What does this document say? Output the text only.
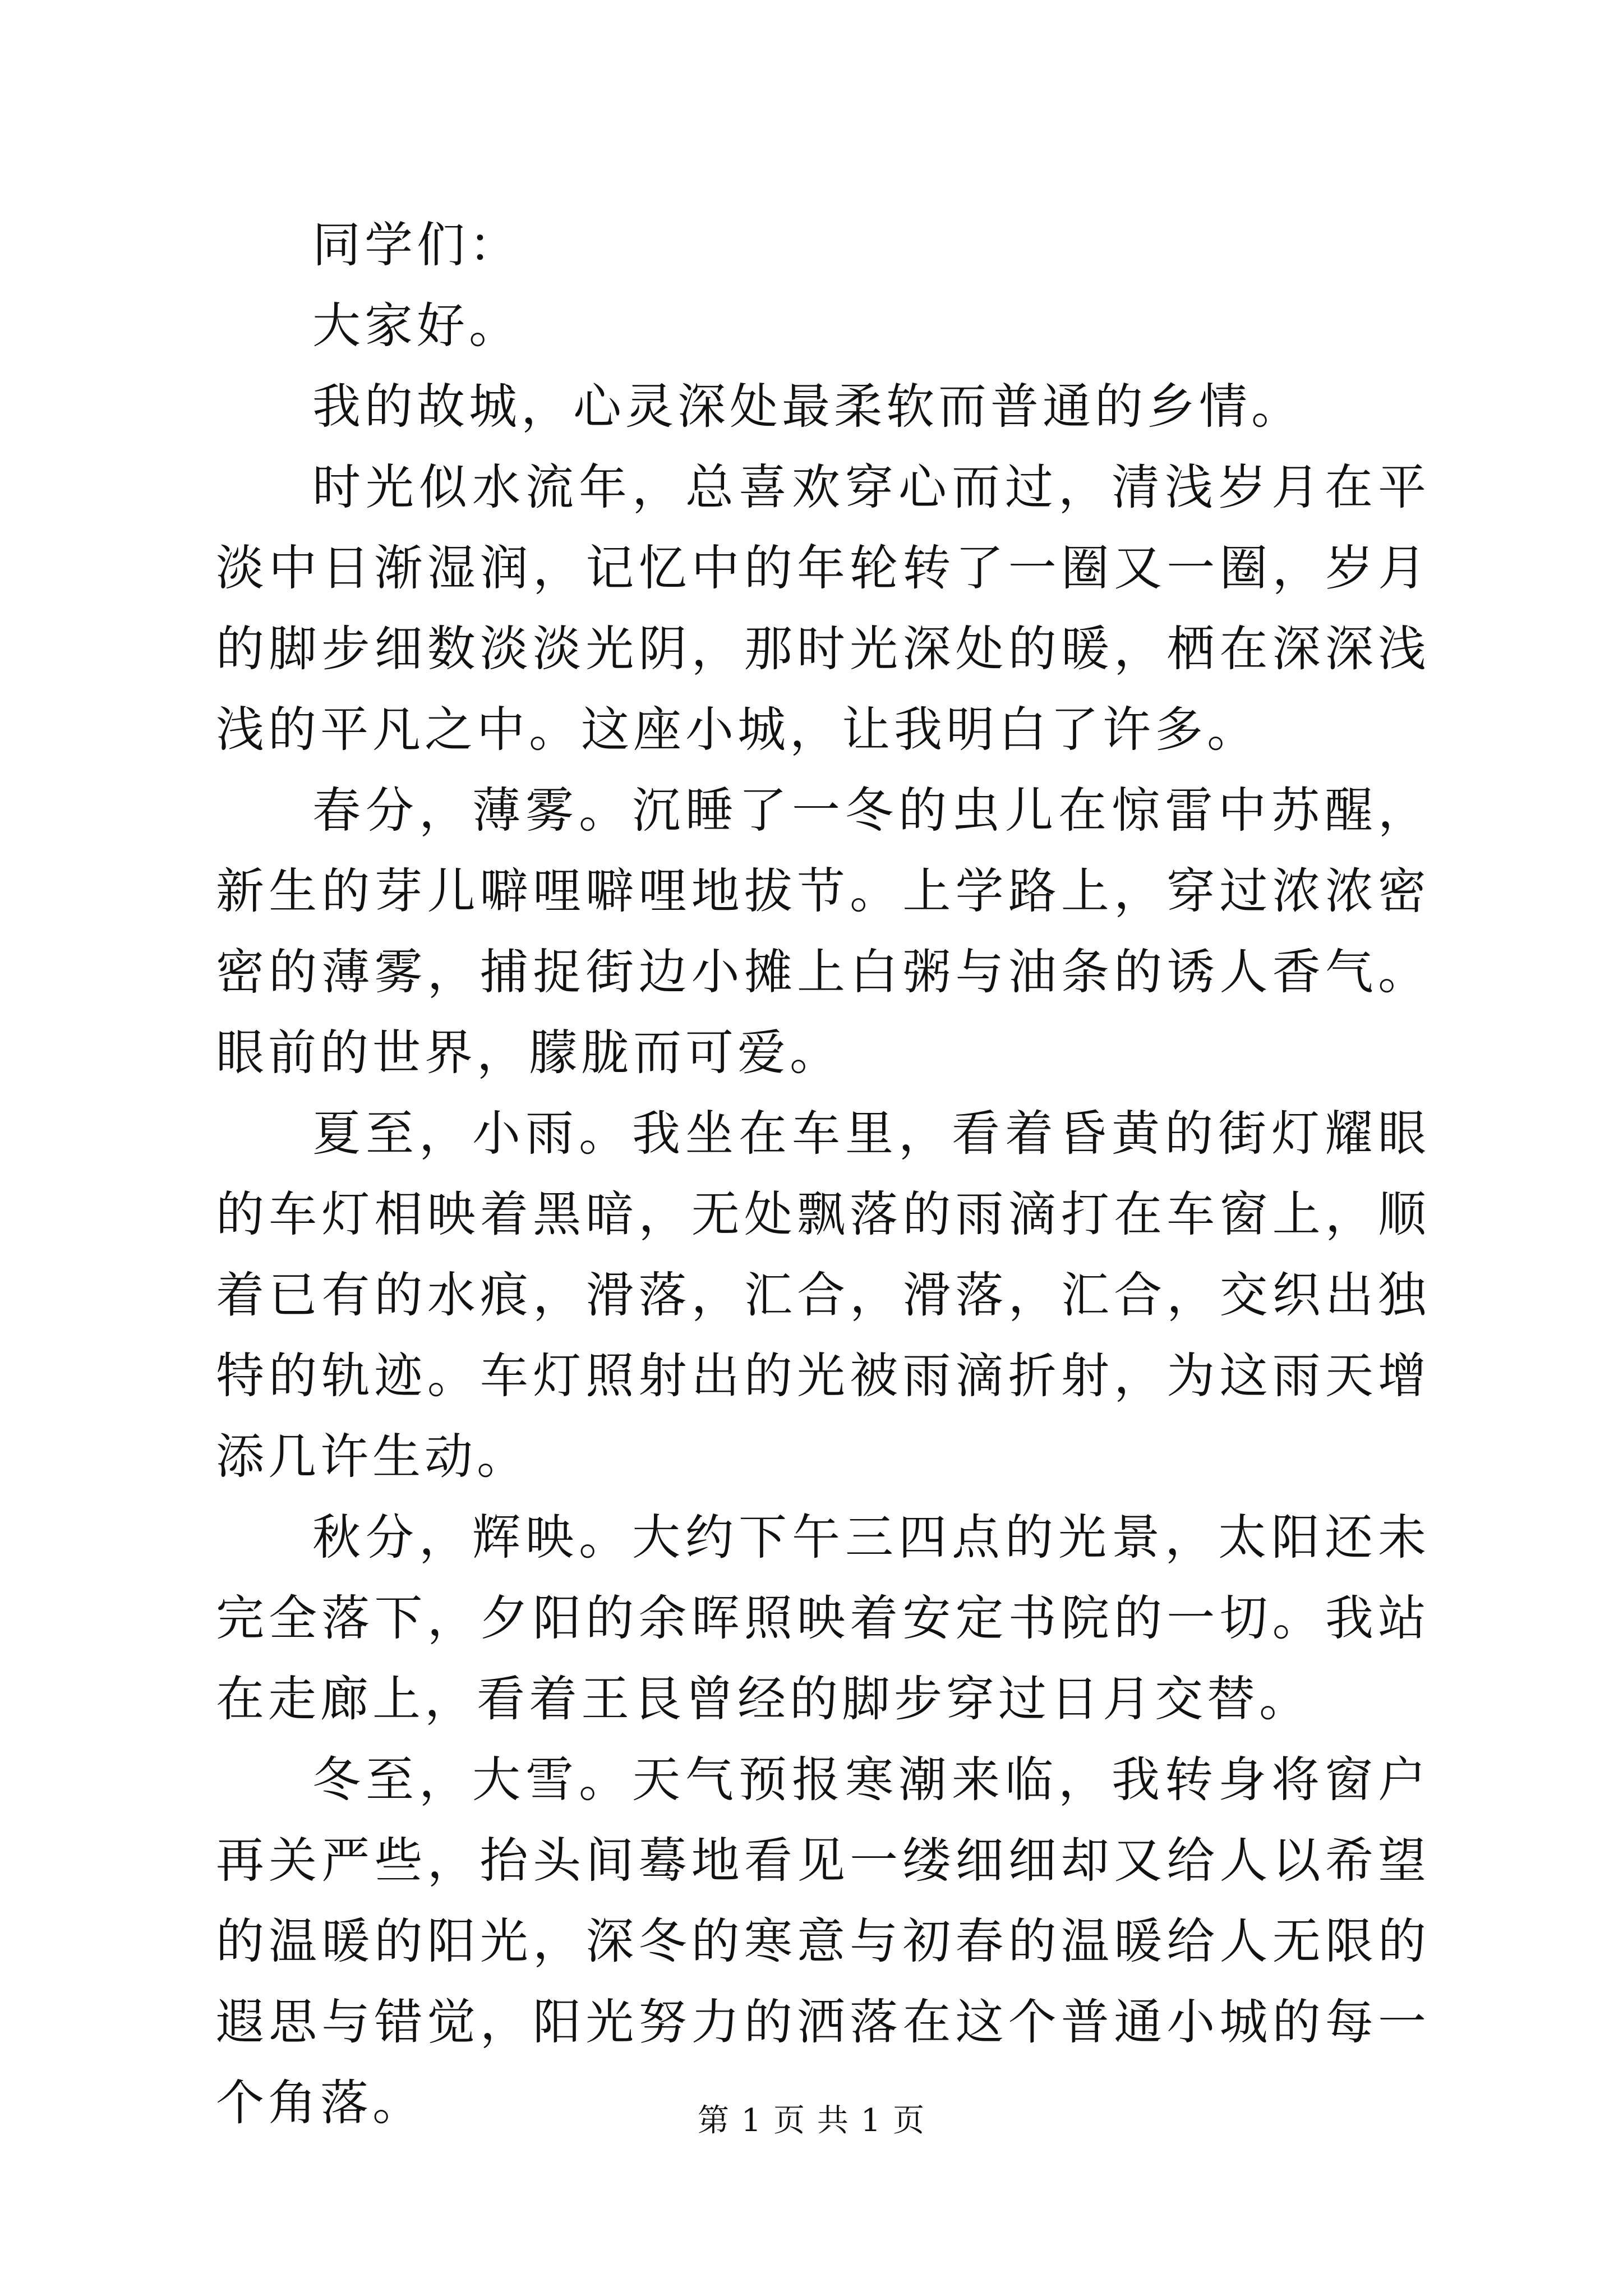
同学们：

大家好。

我的故城，心灵深处最柔软而普通的乡情。

时光似水流年，总喜欢穿心而过，清浅岁月在平淡中日渐湿润，记忆中的年轮转了一圈又一圈，岁月的脚步细数淡淡光阴，那时光深处的暖，栖在深深浅浅的平凡之中。这座小城，让我明白了许多。

春分，薄雾。沉睡了一冬的虫儿在惊雷中苏醒，新生的芽儿噼哩噼哩地拔节。上学路上，穿过浓浓密密的薄雾，捕捉街边小摊上白粥与油条的诱人香气。眼前的世界，朦胧而可爱。

夏至，小雨。我坐在车里，看着昏黄的街灯耀眼的车灯相映着黑暗，无处飘落的雨滴打在车窗上，顺着已有的水痕，滑落，汇合，滑落，汇合，交织出独特的轨迹。车灯照射出的光被雨滴折射，为这雨天增添几许生动。

秋分，辉映。大约下午三四点的光景，太阳还未完全落下，夕阳的余晖照映着安定书院的一切。我站在走廊上，看着王艮曾经的脚步穿过日月交替。

冬至，大雪。天气预报寒潮来临，我转身将窗户再关严些，抬头间蓦地看见一缕细细却又给人以希望的温暖的阳光，深冬的寒意与初春的温暖给人无限的遐思与错觉，阳光努力的洒落在这个普通小城的每一个角落。	第 1 页 共 1 页
